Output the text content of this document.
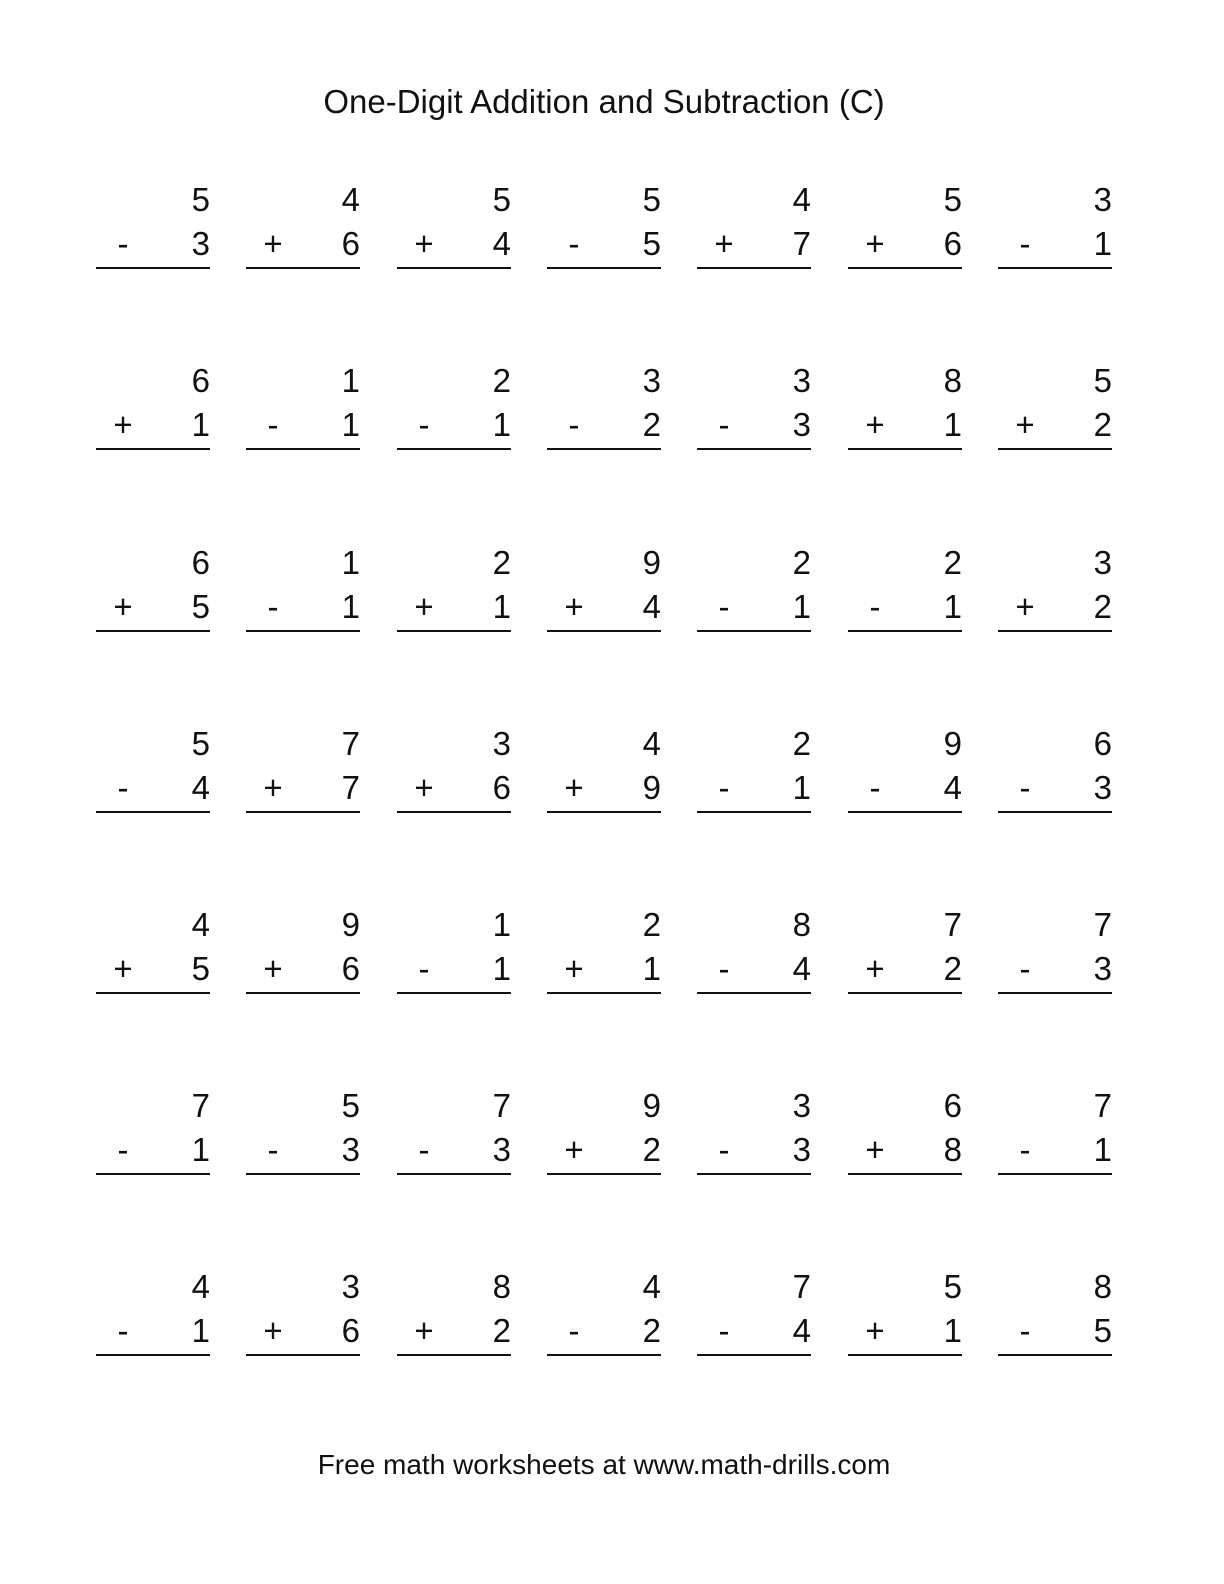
One-Digit Addition and Subtraction (C)
5
-	3
4
+	6
5
+	4
5
-	5
4
+	7
5
+	6
3
-	1
6
+	1
1
-	1
2
-	1
3
-	2
3
-	3
8
+	1
5
+	2
6
+	5
1
-	1
2
+	1
9
+	4
2
-	1
2
-	1
3
+	2
5
-	4
7
+	7
3
+	6
4
+	9
2
-	1
9
-	4
6
-	3
4
+	5
9
+	6
1
-	1
2
+	1
8
-	4
7
+	2
7
-	3
7
-	1
5
-	3
7
-	3
9
+	2
3
-	3
6
+	8
7
-	1
4
-	1
3
+	6
8
+	2
4
-	2
7
-	4
5
+	1
8
-	5
Free math worksheets at www.math-drills.com
